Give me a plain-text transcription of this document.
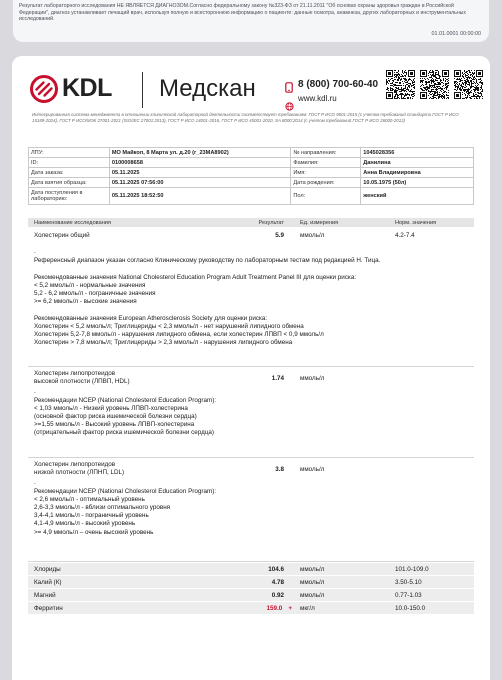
Результат лабораторного исследования НЕ ЯВЛЯЕТСЯ ДИАГНОЗОМ.Согласно федеральному закону №323-ФЗ от 21.11.2011 "Об основах охраны здоровья граждан в Российской Федерации", диагноз устанавливает лечащий врач, используя полную и всестороннюю информацию о пациенте: данные осмотра, анамнеза, других лабораторных и инструментальных исследований.
01.01.0001 00:00:00
KDL Медскан
	8 (800) 700-60-40
www.kdl.ru
Интегрированная система менеджмента в отношении клинической лабораторной деятельности соответствует требованиям: ГОСТ Р ИСО 9001-2015 (с учетом требований стандарта ГОСТ Р ИСО 15189-2024), ГОСТ Р ИСО/МЭК 27001-2021 (ISO/IEC 27001:2013), ГОСТ Р ИСО 14001-2016, ГОСТ Р ИСО 45001-2020, SA 8000:2014 (с учетом требований ГОСТ Р ИСО 26000-2012)
ЛПУ:	МО Майкоп, 8 Марта ул. д.20 (г_23МА8902)	№ направления:	1045028356
ID:	0100008658	Фамилия:	Данилина
Дата заказа:	05.11.2025	Имя:	Анна Владимировна
Дата взятия образца:	05.11.2025 07:56:00	Дата рождения:	10.05.1975 (50л)
Дата поступления в лабораторию:	05.11.2025 18:52:50	Пол:	женский
Наименование исследования	Результат	Ед. измерения	Норм. значения
Холестерин общий	5.9	ммоль/л	4.2-7.4
.
Референсный диапазон указан согласно Клиническому руководству по лабораторным тестам под редакцией Н. Тица.

Рекомендованные значения National Cholesterol Education Program Adult Treatment Panel III для оценки риска:
< 5,2 ммоль/л - нормальные значения
5,2 - 6,2 ммоль/л - пограничные значения
>= 6,2 ммоль/л - высокие значения

Рекомендованные значения European Atherosclerosis Society для оценки риска:
Холестерин < 5,2 ммоль/л; Триглицериды < 2,3 ммоль/л - нет нарушений липидного обмена
Холестерин 5,2-7,8 ммоль/л - нарушения липидного обмена, если холестерин ЛПВП < 0,9 ммоль/л
Холестерин > 7,8 ммоль/л; Триглицериды > 2,3 ммоль/л - нарушения липидного обмена
Холестерин липопротеидов
высокой плотности (ЛПВП, HDL)	1.74	ммоль/л
.
Рекомендации NCEP (National Cholesterol Education Program):
< 1,03 ммоль/л - Низкий уровень ЛПВП-холестерина
(основной фактор риска ишемической болезни сердца)
>=1,55 ммоль/л - Высокий уровень ЛПВП-холестерина
(отрицательный фактор риска ишемической болезни сердца)
Холестерин липопротеидов
низкой плотности (ЛПНП, LDL)	3.8	ммоль/л
.
Рекомендации NCEP (National Cholesterol Education Program):
< 2,6 ммоль/л - оптимальный уровень
2,6-3,3 ммоль/л - вблизи оптимального уровня
3,4-4,1 ммоль/л - пограничный уровень
4,1-4,9 ммоль/л - высокий уровень
>= 4,9 ммоль/л – очень высокий уровень
Хлориды	104.6	ммоль/л	101.0-109.0
Калий (К)	4.78	ммоль/л	3.50-5.10
Магний	0.92	ммоль/л	0.77-1.03
Ферритин	159.0 +	мкг/л	10.0-150.0
